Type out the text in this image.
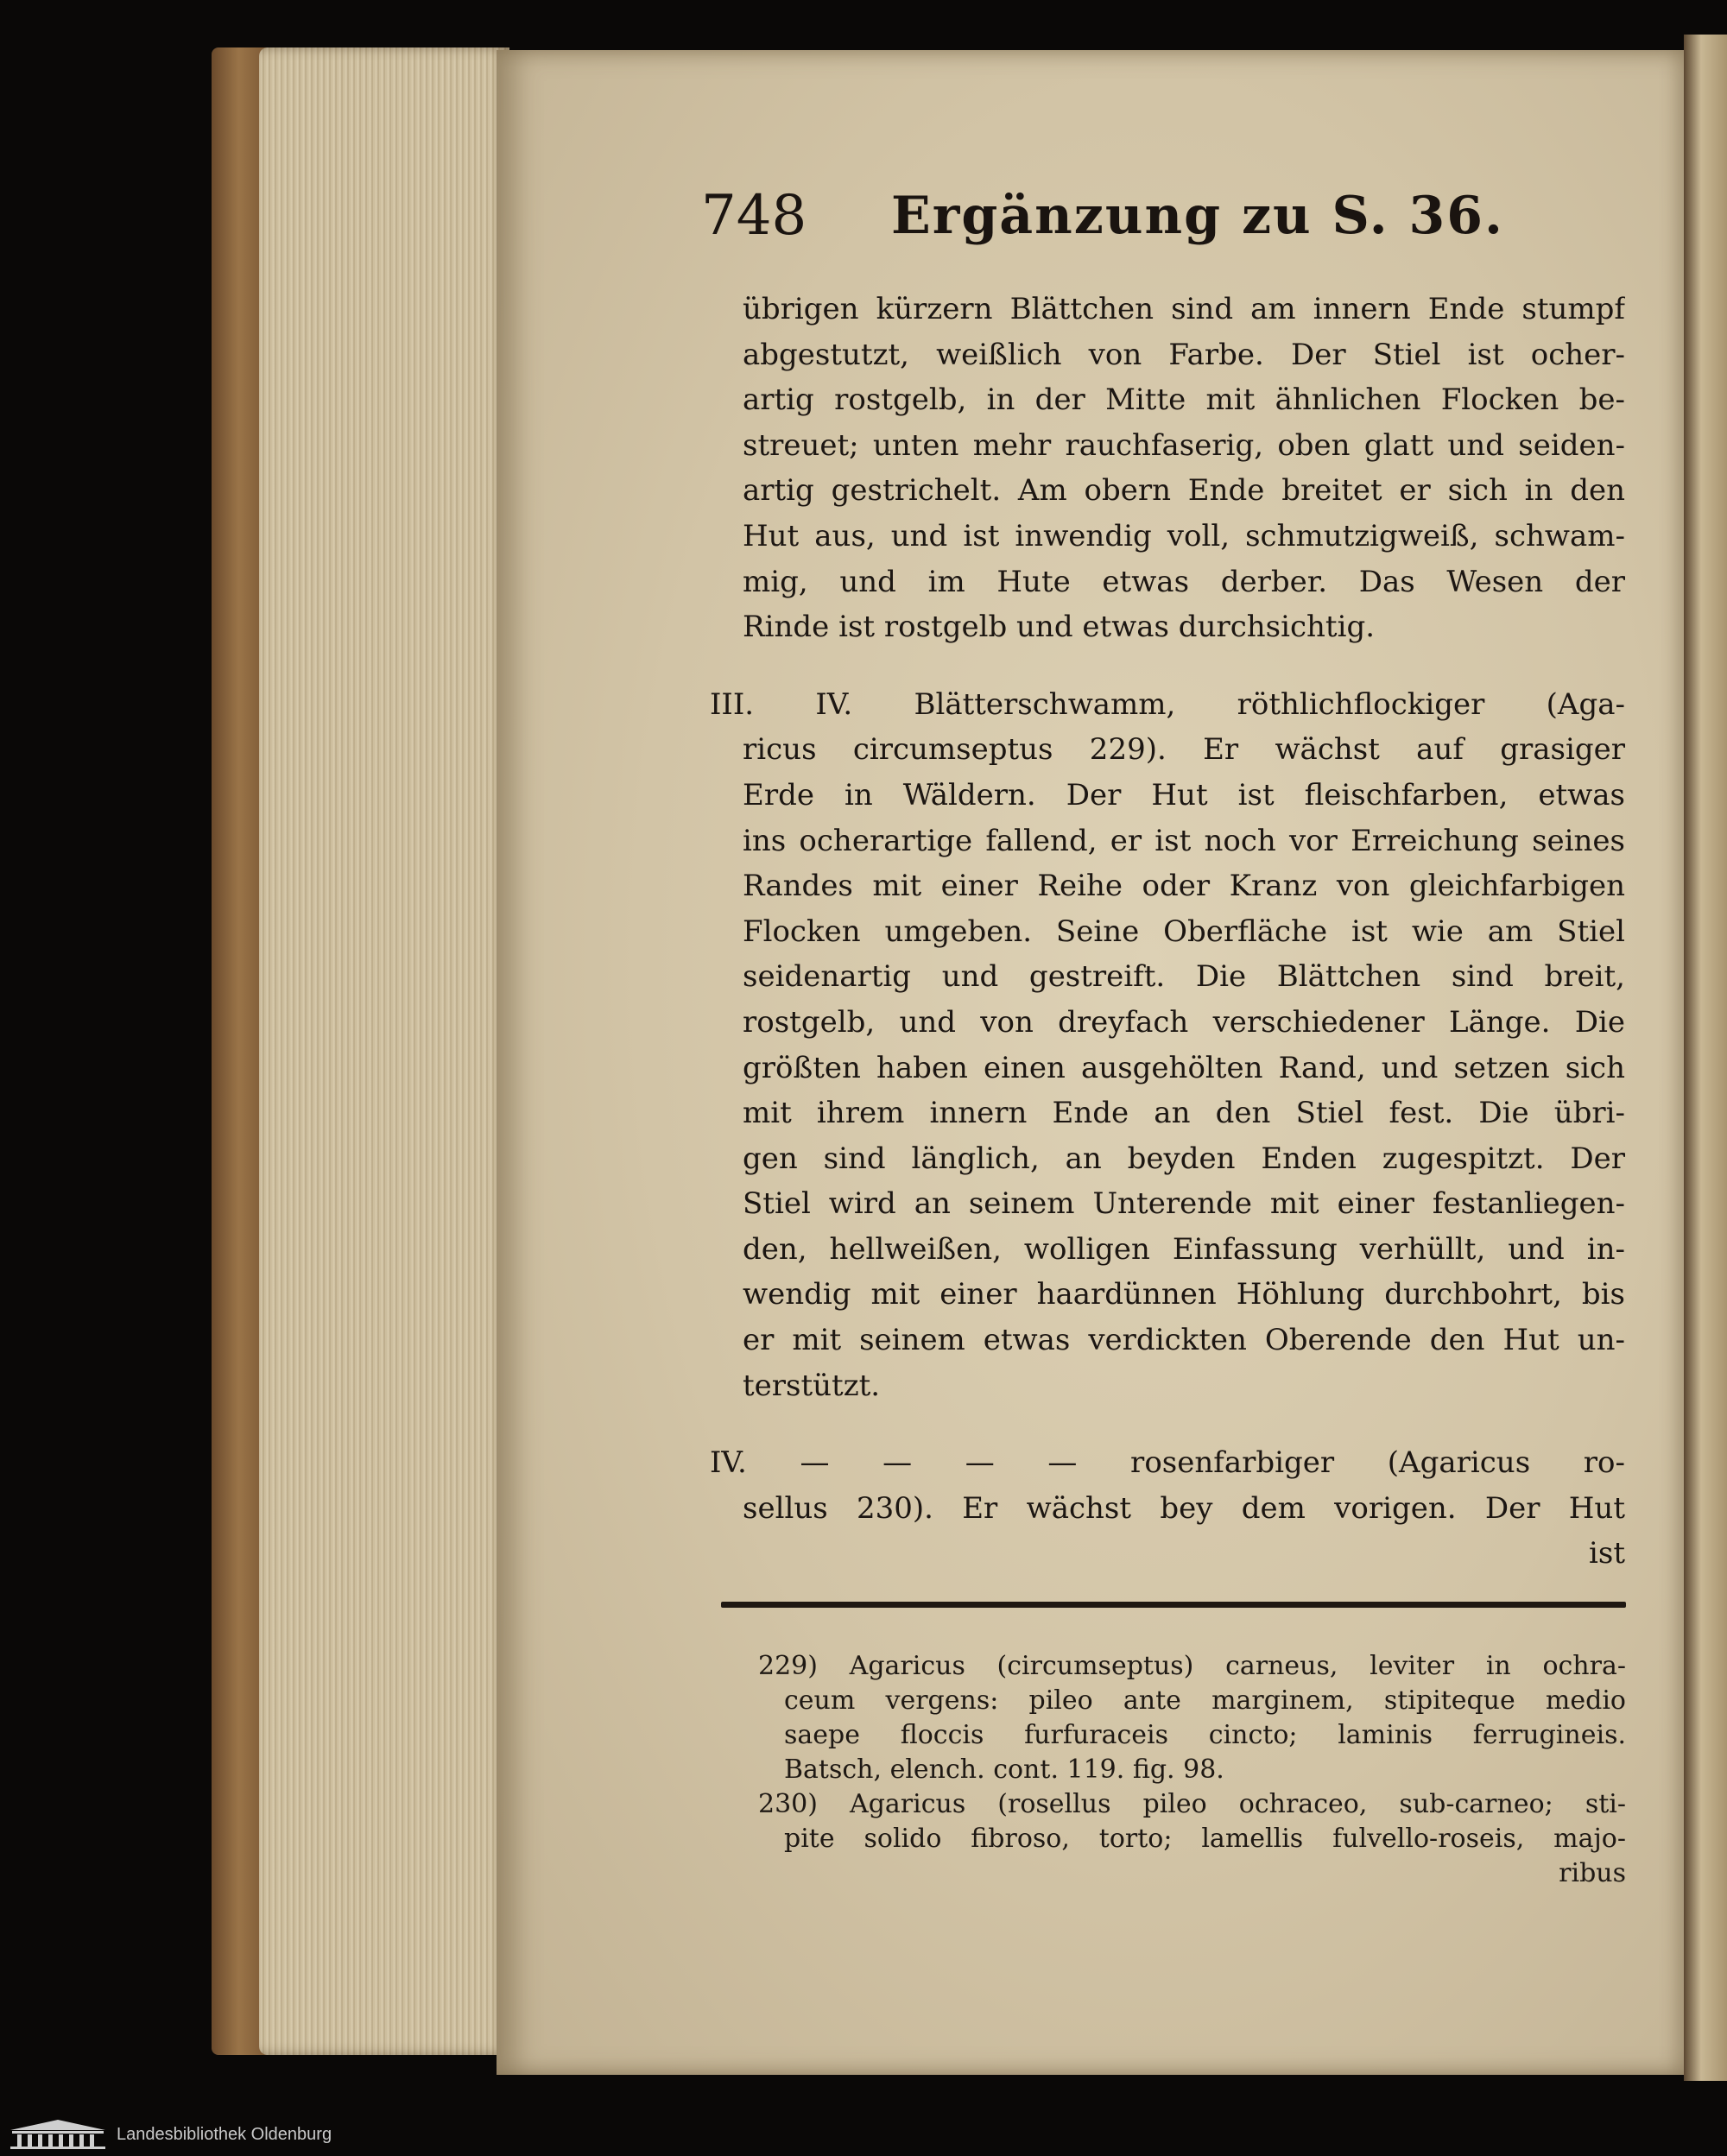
748 Ergänzung zu S. 36.
übrigen kürzern Blättchen sind am innern Ende stumpf
abgestutzt, weißlich von Farbe. Der Stiel ist ocher-
artig rostgelb, in der Mitte mit ähnlichen Flocken be-
streuet; unten mehr rauchfaserig, oben glatt und seiden-
artig gestrichelt. Am obern Ende breitet er sich in den
Hut aus, und ist inwendig voll, schmutzigweiß, schwam-
mig, und im Hute etwas derber. Das Wesen der
Rinde ist rostgelb und etwas durchsichtig.
III. IV. Blätterschwamm, röthlichflockiger (Aga-
ricus circumseptus 229). Er wächst auf grasiger
Erde in Wäldern. Der Hut ist fleischfarben, etwas
ins ocherartige fallend, er ist noch vor Erreichung seines
Randes mit einer Reihe oder Kranz von gleichfarbigen
Flocken umgeben. Seine Oberfläche ist wie am Stiel
seidenartig und gestreift. Die Blättchen sind breit,
rostgelb, und von dreyfach verschiedener Länge. Die
größten haben einen ausgehölten Rand, und setzen sich
mit ihrem innern Ende an den Stiel fest. Die übri-
gen sind länglich, an beyden Enden zugespitzt. Der
Stiel wird an seinem Unterende mit einer festanliegen-
den, hellweißen, wolligen Einfassung verhüllt, und in-
wendig mit einer haardünnen Höhlung durchbohrt, bis
er mit seinem etwas verdickten Oberende den Hut un-
terstützt.
IV. — — — — rosenfarbiger (Agaricus ro-
sellus 230). Er wächst bey dem vorigen. Der Hut
ist
229) Agaricus (circumseptus) carneus, leviter in ochra-
ceum vergens: pileo ante marginem, stipiteque medio
saepe floccis furfuraceis cincto; laminis ferrugineis.
Batsch, elench. cont. 119. fig. 98.
230) Agaricus (rosellus pileo ochraceo, sub-carneo; sti-
pite solido fibroso, torto; lamellis fulvello-roseis, majo-
ribus
Landesbibliothek Oldenburg
